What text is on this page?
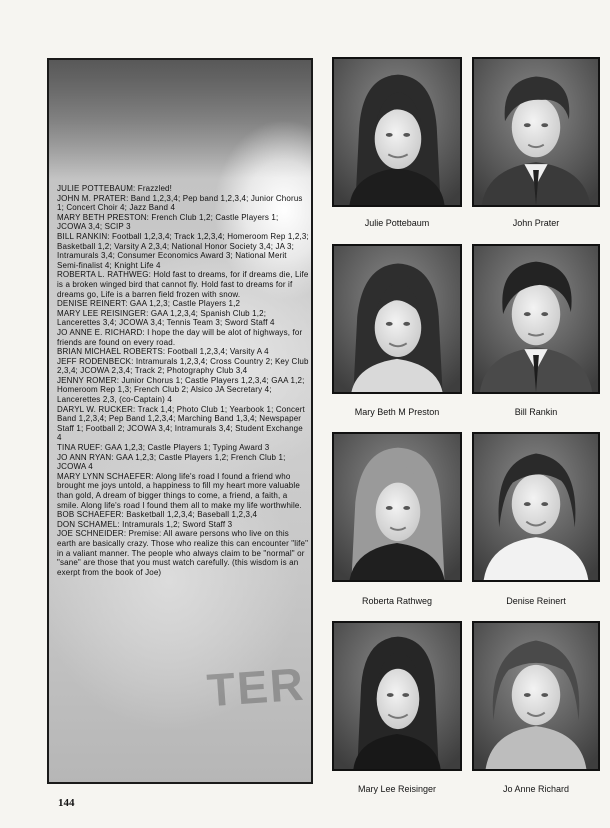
TER

JULIE POTTEBAUM: Frazzled!

JOHN M. PRATER: Band 1,2,3,4; Pep band 1,2,3,4; Junior Chorus 1; Concert Choir 4; Jazz Band 4

MARY BETH PRESTON: French Club 1,2; Castle Players 1; JCOWA 3,4; SCIP 3

BILL RANKIN: Football 1,2,3,4; Track 1,2,3,4; Homeroom Rep 1,2,3; Basketball 1,2; Varsity A 2,3,4; National Honor Society 3,4; JA 3; Intramurals 3,4; Consumer Economics Award 3; National Merit Semi-finalist 4; Knight Life 4

ROBERTA L. RATHWEG: Hold fast to dreams, for if dreams die, Life is a broken winged bird that cannot fly. Hold fast to dreams for if dreams go, Life is a barren field frozen with snow.

DENISE REINERT: GAA 1,2,3; Castle Players 1,2

MARY LEE REISINGER: GAA 1,2,3,4; Spanish Club 1,2; Lancerettes 3,4; JCOWA 3,4; Tennis Team 3; Sword Staff 4

JO ANNE E. RICHARD: I hope the day will be alot of highways, for friends are found on every road.

BRIAN MICHAEL ROBERTS: Football 1,2,3,4; Varsity A 4

JEFF RODENBECK: Intramurals 1,2,3,4; Cross Country 2; Key Club 2,3,4; JCOWA 2,3,4; Track 2; Photography Club 3,4

JENNY ROMER: Junior Chorus 1; Castle Players 1,2,3,4; GAA 1,2; Homeroom Rep 1,3; French Club 2; Alsico JA Secretary 4; Lancerettes 2,3, (co-Captain) 4

DARYL W. RUCKER: Track 1,4; Photo Club 1; Yearbook 1; Concert Band 1,2,3,4; Pep Band 1,2,3,4; Marching Band 1,3,4; Newspaper Staff 1; Football 2; JCOWA 3,4; Intramurals 3,4; Student Exchange 4

TINA RUEF: GAA 1,2,3; Castle Players 1; Typing Award 3

JO ANN RYAN: GAA 1,2,3; Castle Players 1,2; French Club 1; JCOWA 4

MARY LYNN SCHAEFER: Along life's road I found a friend who brought me joys untold, a happiness to fill my heart more valuable than gold, A dream of bigger things to come, a friend, a faith, a smile. Along life's road I found them all to make my life worthwhile.

BOB SCHAEFER: Basketball 1,2,3,4; Baseball 1,2,3,4

DON SCHAMEL: Intramurals 1,2; Sword Staff 3

JOE SCHNEIDER: Premise: All aware persons who live on this earth are basically crazy. Those who realize this can encounter "life" in a valiant manner. The people who always claim to be "normal" or "sane" are those that you must watch carefully. (this wisdom is an exerpt from the book of Joe)

Julie Pottebaum	John Prater
Mary Beth M Preston	Bill Rankin
Roberta Rathweg	Denise Reinert
Mary Lee Reisinger	Jo Anne Richard
144
